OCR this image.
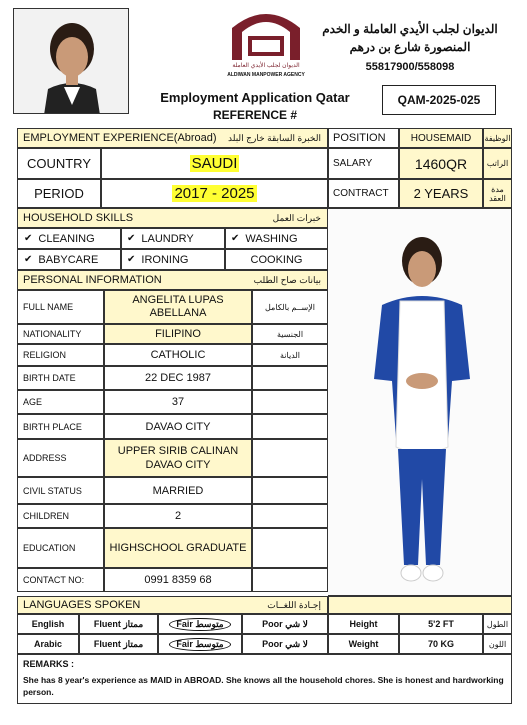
الديوان لجلب الأيدي العاملة
ALDIWAN MANPOWER AGENCY
الديوان لجلب الأيدي العاملة و الخدم
المنصورة شارع بن درهم
55817900/558098
Employment Application Qatar
REFERENCE #
QAM-2025-025
EMPLOYMENT EXPERIENCE(Abroad) الخبرة السابقة خارج البلد
COUNTRY	SAUDI
PERIOD	2017 - 2025
POSITION	HOUSEMAID	الوظيفة
SALARY	1460QR	الراتب
CONTRACT	2 YEARS	مدة العقد
HOUSEHOLD SKILLS	خبرات العمل
✔ CLEANING	✔ LAUNDRY	✔ WASHING
✔ BABYCARE	✔ IRONING	COOKING
PERSONAL INFORMATION	بيانات صاح الطلب
FULL NAME
ANGELITA LUPAS ABELLANA	الإســم بالكامل
NATIONALITY	FILIPINO	الجنسية
RELIGION	CATHOLIC	الديانة
BIRTH DATE	22 DEC 1987
AGE	37
BIRTH PLACE	DAVAO CITY
ADDRESS
UPPER SIRIB CALINAN DAVAO CITY
CIVIL STATUS	MARRIED
CHILDREN	2
EDUCATION	HIGHSCHOOL GRADUATE
CONTACT NO:	0991 8359 68
LANGUAGES SPOKEN	إجـادة اللغــات
English	Fluent ممتاز	Fair متوسط	Poor لا شي	Height	5'2 FT	الطول
Arabic	Fluent ممتاز	Fair متوسط	Poor لا شي	Weight	70 KG	اللون
REMARKS :
She has 8 year's experience as MAID in ABROAD. She knows all the household chores. She is honest and hardworking person.
